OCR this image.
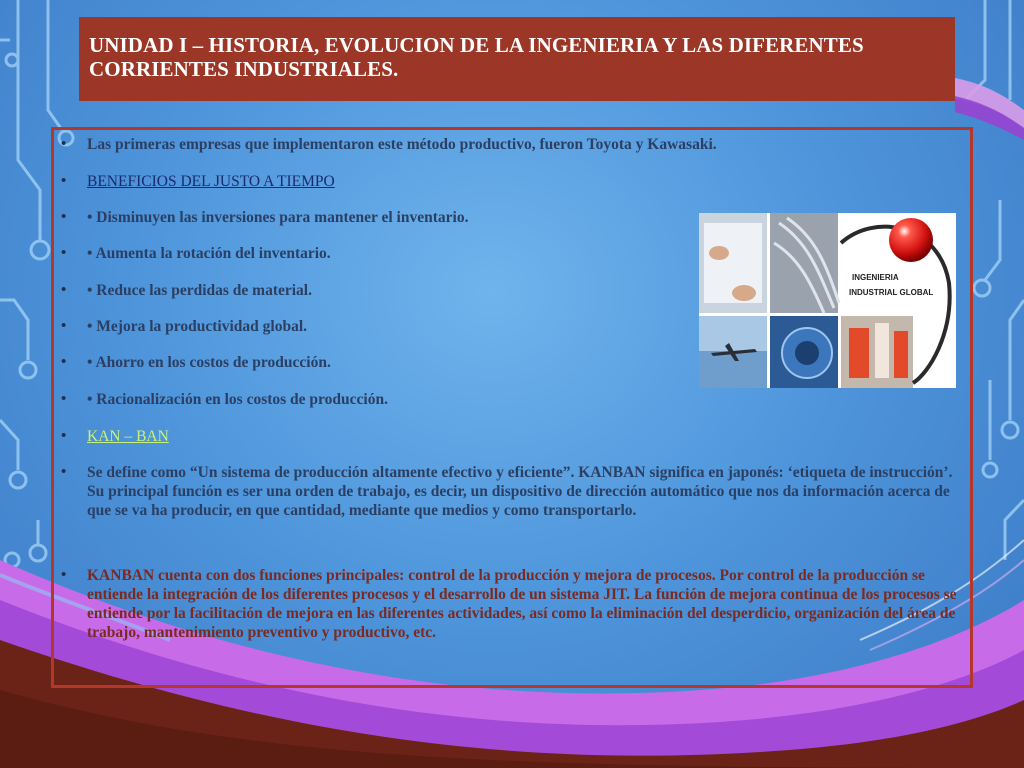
UNIDAD I – HISTORIA, EVOLUCION DE LA INGENIERIA Y LAS DIFERENTES CORRIENTES INDUSTRIALES.
INGENIERIA
INDUSTRIAL GLOBAL
• Las primeras empresas que implementaron este método productivo, fueron Toyota y Kawasaki.
• BENEFICIOS DEL JUSTO A TIEMPO
• • Disminuyen las inversiones para mantener el inventario.
• • Aumenta la rotación del inventario.
• • Reduce las perdidas de material.
• • Mejora la productividad global.
• • Ahorro en los costos de producción.
• • Racionalización en los costos de producción.
• KAN – BAN
• Se define como “Un sistema de producción altamente efectivo y eficiente”. KANBAN significa en japonés: ‘etiqueta de instrucción’. Su principal función es ser una orden de trabajo, es decir, un dispositivo de dirección automático que nos da información acerca de que se va ha producir, en que cantidad, mediante que medios y como transportarlo.
• KANBAN cuenta con dos funciones principales: control de la producción y mejora de procesos. Por control de la producción se entiende la integración de los diferentes procesos y el desarrollo de un sistema JIT. La función de mejora continua de los procesos se entiende por la facilitación de mejora en las diferentes actividades, así como la eliminación del desperdicio, organización del área de trabajo, mantenimiento preventivo y productivo, etc.
